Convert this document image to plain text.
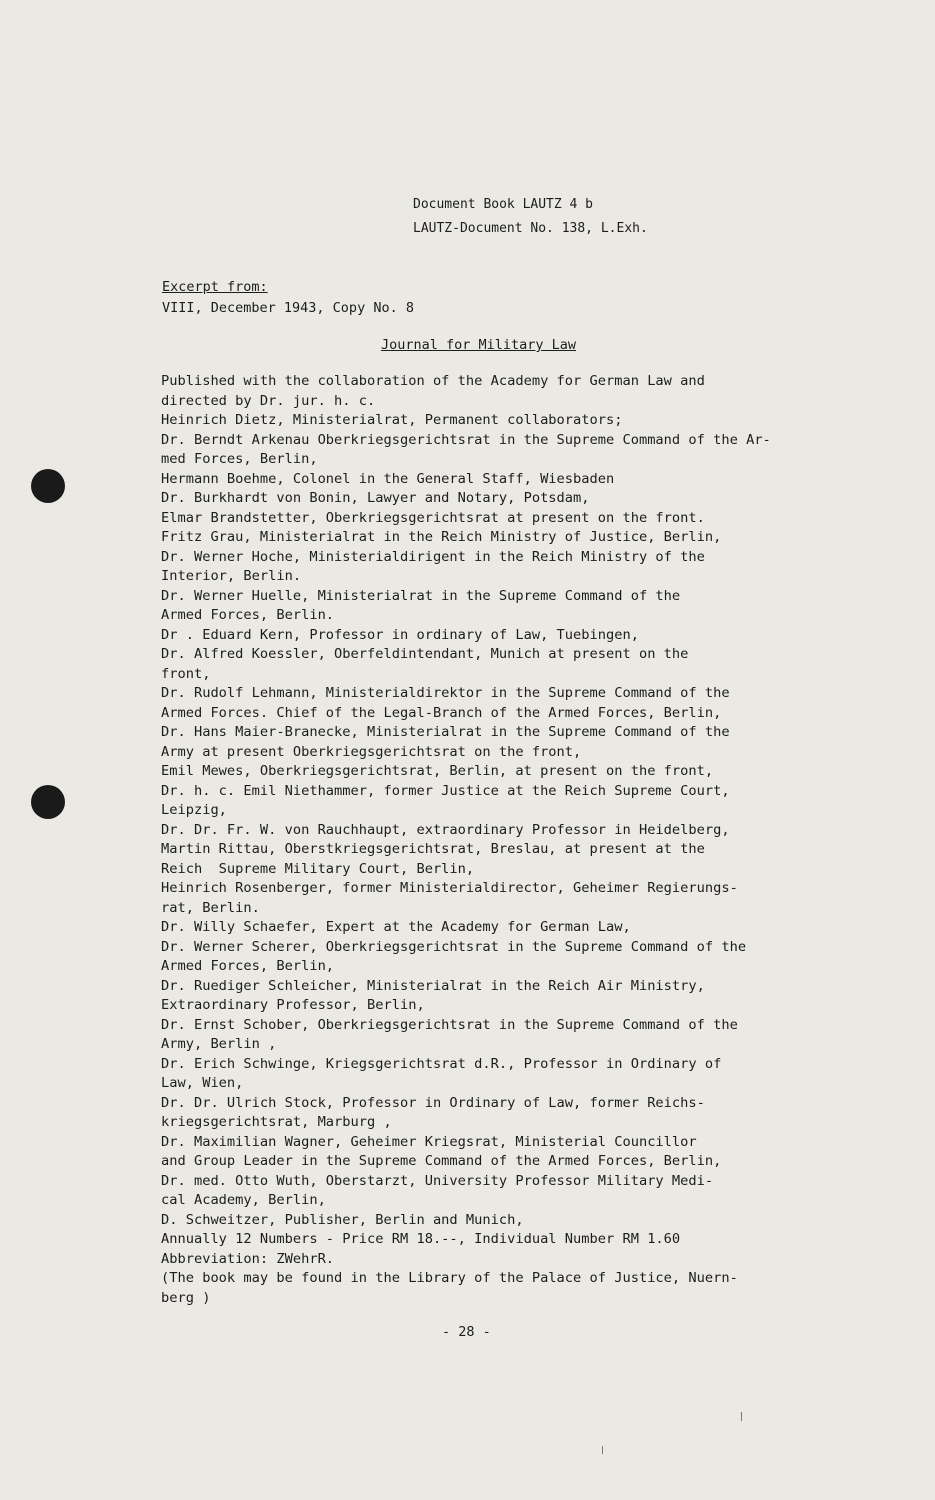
Document Book LAUTZ 4 b
LAUTZ-Document No. 138, L.Exh.
Excerpt from:
VIII, December 1943, Copy No. 8
Journal for Military Law
Published with the collaboration of the Academy for German Law and
directed by Dr. jur. h. c.
Heinrich Dietz, Ministerialrat, Permanent collaborators;
Dr. Berndt Arkenau Oberkriegsgerichtsrat in the Supreme Command of the Ar-
med Forces, Berlin,
Hermann Boehme, Colonel in the General Staff, Wiesbaden
Dr. Burkhardt von Bonin, Lawyer and Notary, Potsdam,
Elmar Brandstetter, Oberkriegsgerichtsrat at present on the front.
Fritz Grau, Ministerialrat in the Reich Ministry of Justice, Berlin,
Dr. Werner Hoche, Ministerialdirigent in the Reich Ministry of the
Interior, Berlin.
Dr. Werner Huelle, Ministerialrat in the Supreme Command of the
Armed Forces, Berlin.
Dr . Eduard Kern, Professor in ordinary of Law, Tuebingen,
Dr. Alfred Koessler, Oberfeldintendant, Munich at present on the
front,
Dr. Rudolf Lehmann, Ministerialdirektor in the Supreme Command of the
Armed Forces. Chief of the Legal-Branch of the Armed Forces, Berlin,
Dr. Hans Maier-Branecke, Ministerialrat in the Supreme Command of the
Army at present Oberkriegsgerichtsrat on the front,
Emil Mewes, Oberkriegsgerichtsrat, Berlin, at present on the front,
Dr. h. c. Emil Niethammer, former Justice at the Reich Supreme Court,
Leipzig,
Dr. Dr. Fr. W. von Rauchhaupt, extraordinary Professor in Heidelberg,
Martin Rittau, Oberstkriegsgerichtsrat, Breslau, at present at the
Reich  Supreme Military Court, Berlin,
Heinrich Rosenberger, former Ministerialdirector, Geheimer Regierungs-
rat, Berlin.
Dr. Willy Schaefer, Expert at the Academy for German Law,
Dr. Werner Scherer, Oberkriegsgerichtsrat in the Supreme Command of the
Armed Forces, Berlin,
Dr. Ruediger Schleicher, Ministerialrat in the Reich Air Ministry,
Extraordinary Professor, Berlin,
Dr. Ernst Schober, Oberkriegsgerichtsrat in the Supreme Command of the
Army, Berlin ,
Dr. Erich Schwinge, Kriegsgerichtsrat d.R., Professor in Ordinary of
Law, Wien,
Dr. Dr. Ulrich Stock, Professor in Ordinary of Law, former Reichs-
kriegsgerichtsrat, Marburg ,
Dr. Maximilian Wagner, Geheimer Kriegsrat, Ministerial Councillor
and Group Leader in the Supreme Command of the Armed Forces, Berlin,
Dr. med. Otto Wuth, Oberstarzt, University Professor Military Medi-
cal Academy, Berlin,
D. Schweitzer, Publisher, Berlin and Munich,
Annually 12 Numbers - Price RM 18.--, Individual Number RM 1.60
Abbreviation: ZWehrR.
(The book may be found in the Library of the Palace of Justice, Nuern-
berg )
- 28 -
